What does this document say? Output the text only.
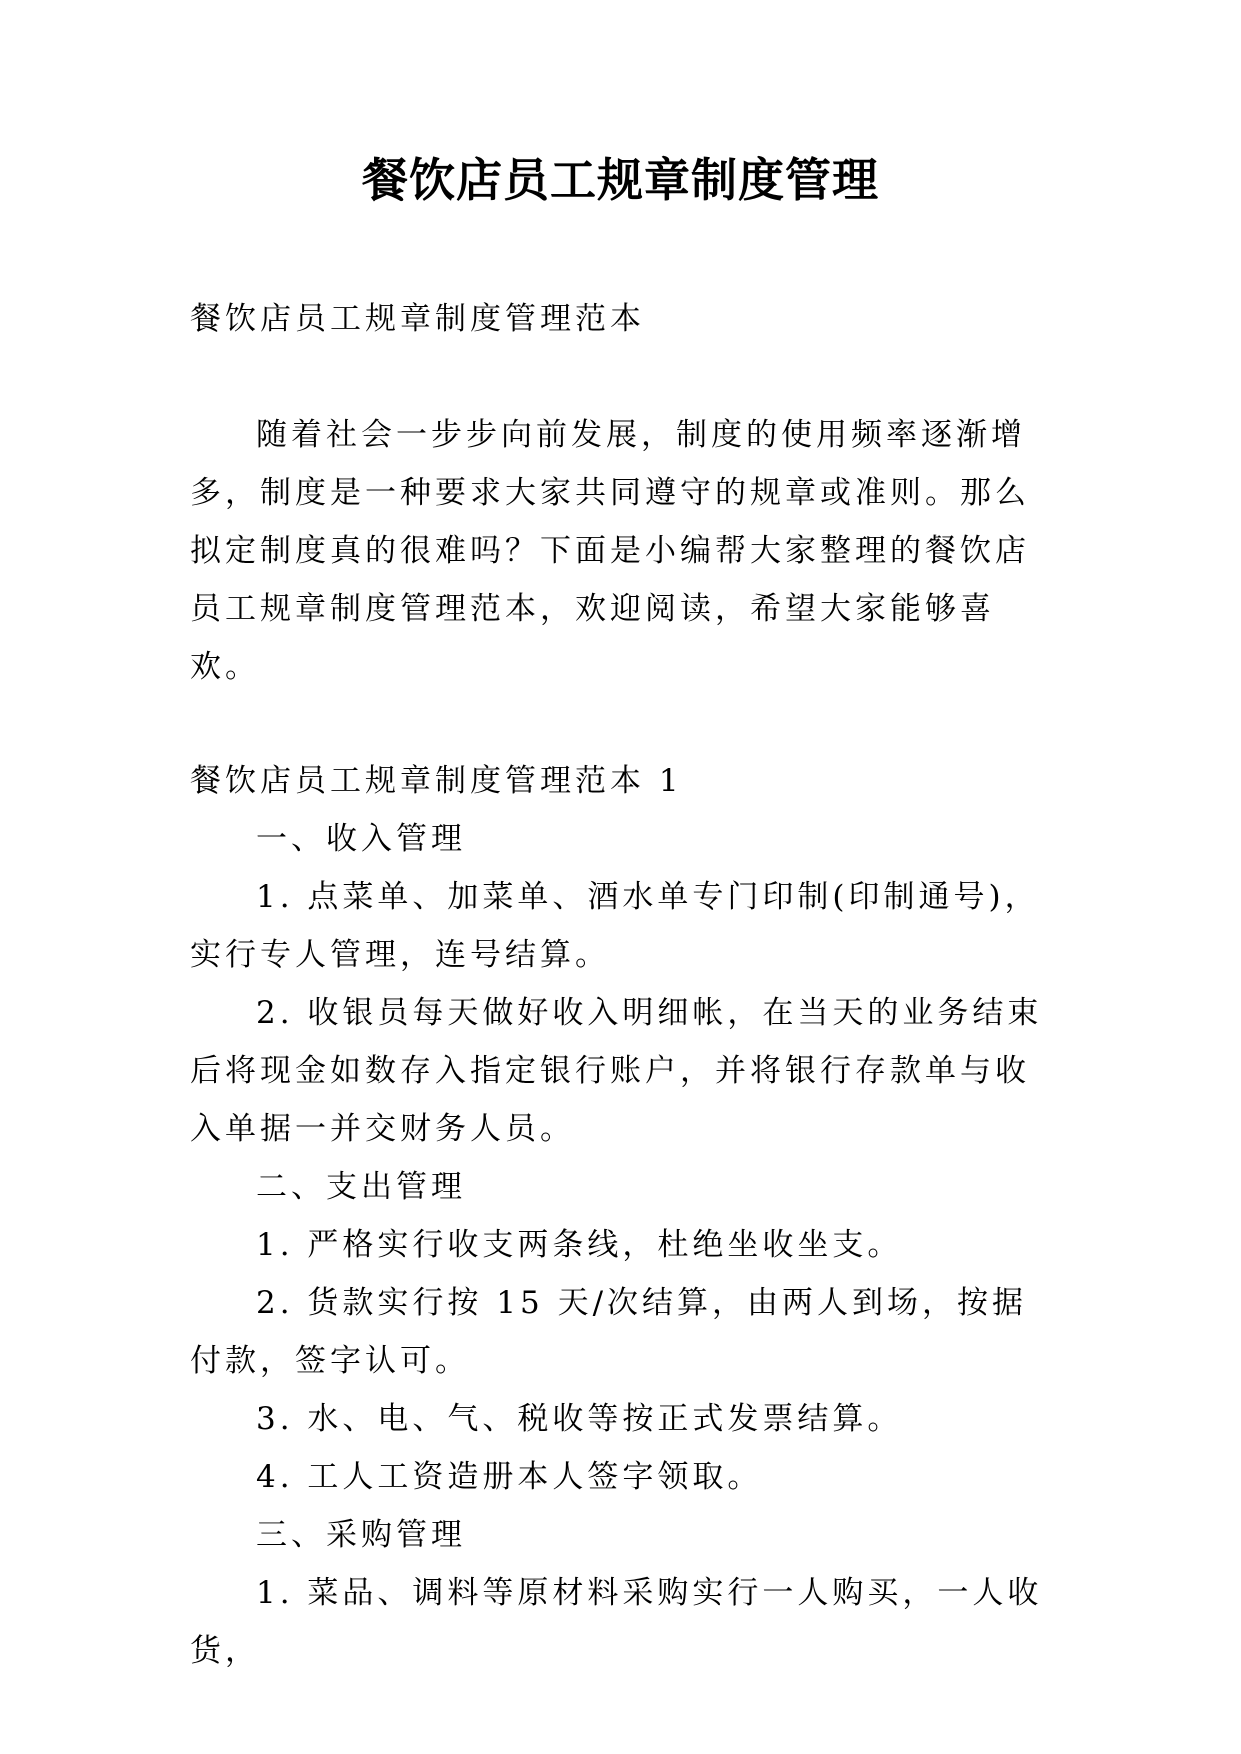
餐饮店员工规章制度管理

餐饮店员工规章制度管理范本

随着社会一步步向前发展，制度的使用频率逐渐增多，制度是一种要求大家共同遵守的规章或准则。那么拟定制度真的很难吗？下面是小编帮大家整理的餐饮店员工规章制度管理范本，欢迎阅读，希望大家能够喜欢。

餐饮店员工规章制度管理范本 1

一、收入管理

1. 点菜单、加菜单、酒水单专门印制(印制通号)，实行专人管理，连号结算。

2. 收银员每天做好收入明细帐，在当天的业务结束后将现金如数存入指定银行账户，并将银行存款单与收入单据一并交财务人员。

二、支出管理

1. 严格实行收支两条线，杜绝坐收坐支。

2. 货款实行按 15 天/次结算，由两人到场，按据付款，签字认可。

3. 水、电、气、税收等按正式发票结算。

4. 工人工资造册本人签字领取。

三、采购管理

1. 菜品、调料等原材料采购实行一人购买，一人收货，
